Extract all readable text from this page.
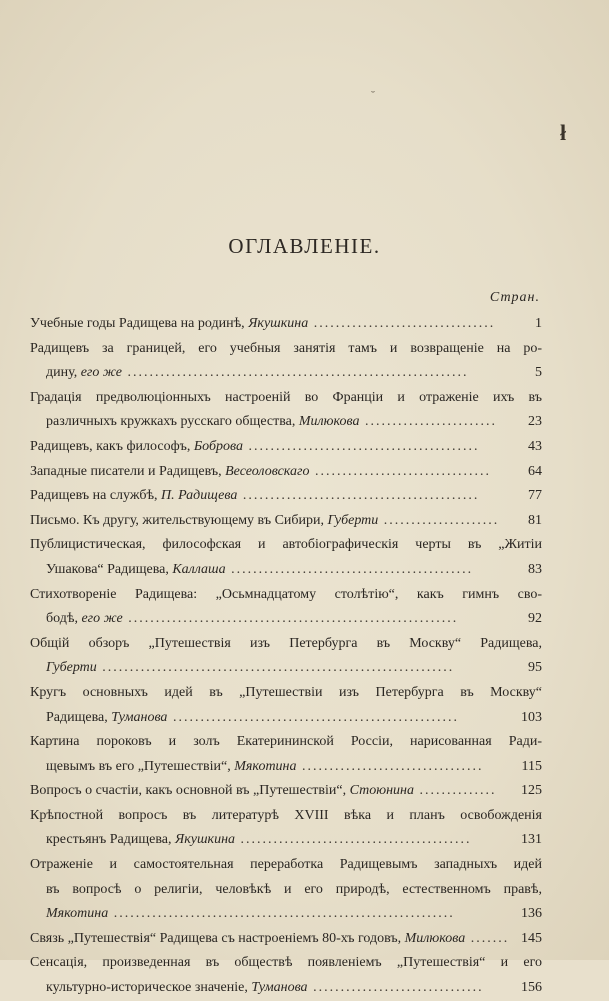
˘
ł
ОГЛАВЛЕНІЕ.
Стран.
Учебные годы Радищева на родинѣ, Якушкина .................................	1
Радищевъ за границей, его учебныя занятія тамъ и возвращеніе на ро-
дину, его же ..............................................................	5
Градація предволюціонныхъ настроеній во Франціи и отраженіе ихъ въ
различныхъ кружкахъ русскаго общества, Милюкова ........................ 23
Радищевъ, какъ философъ, Боброва ..........................................	43
Западные писатели и Радищевъ, Весеоловскаго ................................	64
Радищевъ на службѣ, П. Радищева ...........................................	77
Письмо. Къ другу, жительствующему въ Сибири, Губерти ..................... 81
Публицистическая, философская и автобіографическія черты въ „Житіи
Ушакова“ Радищева, Каллаша ............................................	83
Стихотвореніе Радищева: „Осьмнадцатому столѣтію“, какъ гимнъ сво-
бодѣ, его же ............................................................	92
Общій обзоръ „Путешествія изъ Петербурга въ Москву“ Радищева,
Губерти ................................................................	95
Кругъ основныхъ идей въ „Путешествіи изъ Петербурга въ Москву“
Радищева, Туманова ....................................................	103
Картина пороковъ и золъ Екатерининской Россіи, нарисованная Ради-
щевымъ въ его „Путешествіи“, Мякотина .................................	115
Вопросъ о счастіи, какъ основной въ „Путешествіи“, Стоюнина .............. 125
Крѣпостной вопросъ въ литературѣ XVIII вѣка и планъ освобожденія
крестьянъ Радищева, Якушкина ..........................................	131
Отраженіе и самостоятельная переработка Радищевымъ западныхъ идей
въ вопросѣ о религіи, человѣкѣ и его природѣ, естественномъ правѣ,
Мякотина ..............................................................	136
Связь „Путешествія“ Радищева съ настроеніемъ 80-хъ годовъ, Милюкова ....... 145
Сенсація, произведенная въ обществѣ появленіемъ „Путешествія“ и его
культурно-историческое значеніе, Туманова ...............................	156
